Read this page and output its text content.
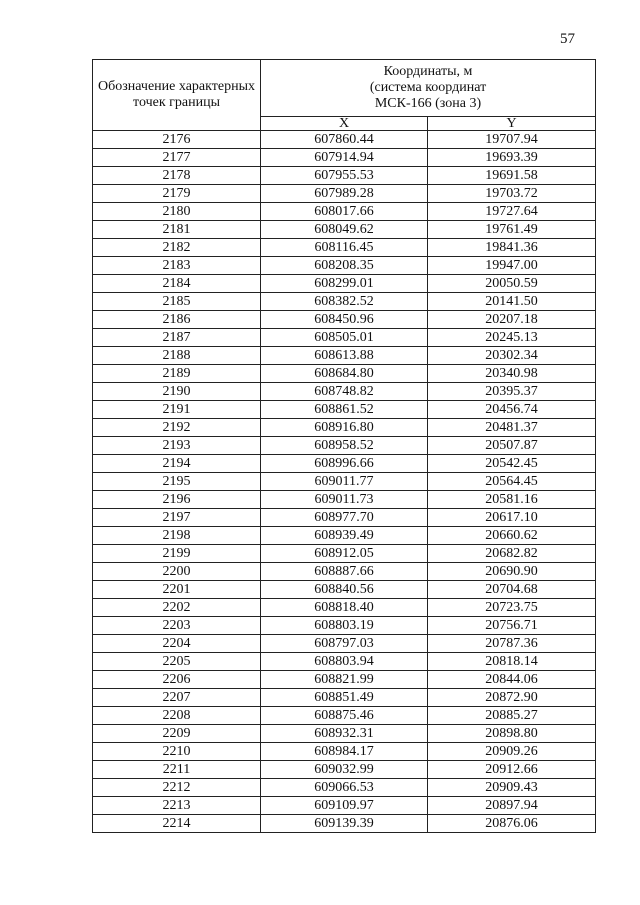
57
Обозначение характерных точек границы	Координаты, м
(система координат
МСК-166 (зона 3)	

	X	Y
2176	607860.44	19707.94
2177	607914.94	19693.39
2178	607955.53	19691.58
2179	607989.28	19703.72
2180	608017.66	19727.64
2181	608049.62	19761.49
2182	608116.45	19841.36
2183	608208.35	19947.00
2184	608299.01	20050.59
2185	608382.52	20141.50
2186	608450.96	20207.18
2187	608505.01	20245.13
2188	608613.88	20302.34
2189	608684.80	20340.98
2190	608748.82	20395.37
2191	608861.52	20456.74
2192	608916.80	20481.37
2193	608958.52	20507.87
2194	608996.66	20542.45
2195	609011.77	20564.45
2196	609011.73	20581.16
2197	608977.70	20617.10
2198	608939.49	20660.62
2199	608912.05	20682.82
2200	608887.66	20690.90
2201	608840.56	20704.68
2202	608818.40	20723.75
2203	608803.19	20756.71
2204	608797.03	20787.36
2205	608803.94	20818.14
2206	608821.99	20844.06
2207	608851.49	20872.90
2208	608875.46	20885.27
2209	608932.31	20898.80
2210	608984.17	20909.26
2211	609032.99	20912.66
2212	609066.53	20909.43
2213	609109.97	20897.94
2214	609139.39	20876.06
